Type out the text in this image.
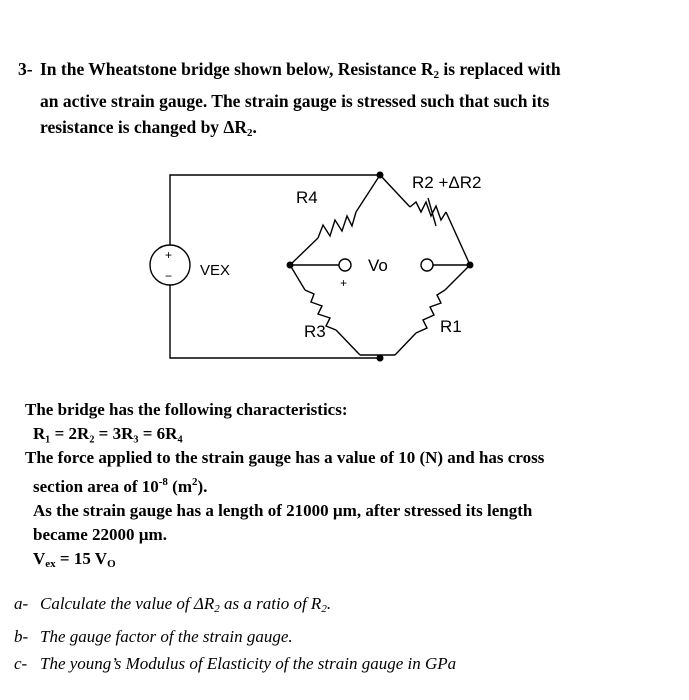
3- In the Wheatstone bridge shown below, Resistance $R_2$ is replaced with
an active strain gauge. The strain gauge is stressed such that such its
resistance is changed by $\Delta R_2$.
+
− VEX
R4
R2 +ΔR2
Vo
+
R3	R1
The bridge has the following characteristics:
R₁ = 2R₂ = 3R₃ = 6R₄
The force applied to the strain gauge has a value of 10 (N) and has cross
section area of $10^{-8}$ $(m^2)$.
As the strain gauge has a length of 21000 µm, after stressed its length
became 22000 µm.
$V_{ex} = 15$ $V_O$
a- Calculate the value of $\Delta R_2$ as a ratio of $R_2$.
b- The gauge factor of the strain gauge.
c- The young’s Modulus of Elasticity of the strain gauge in GPa
